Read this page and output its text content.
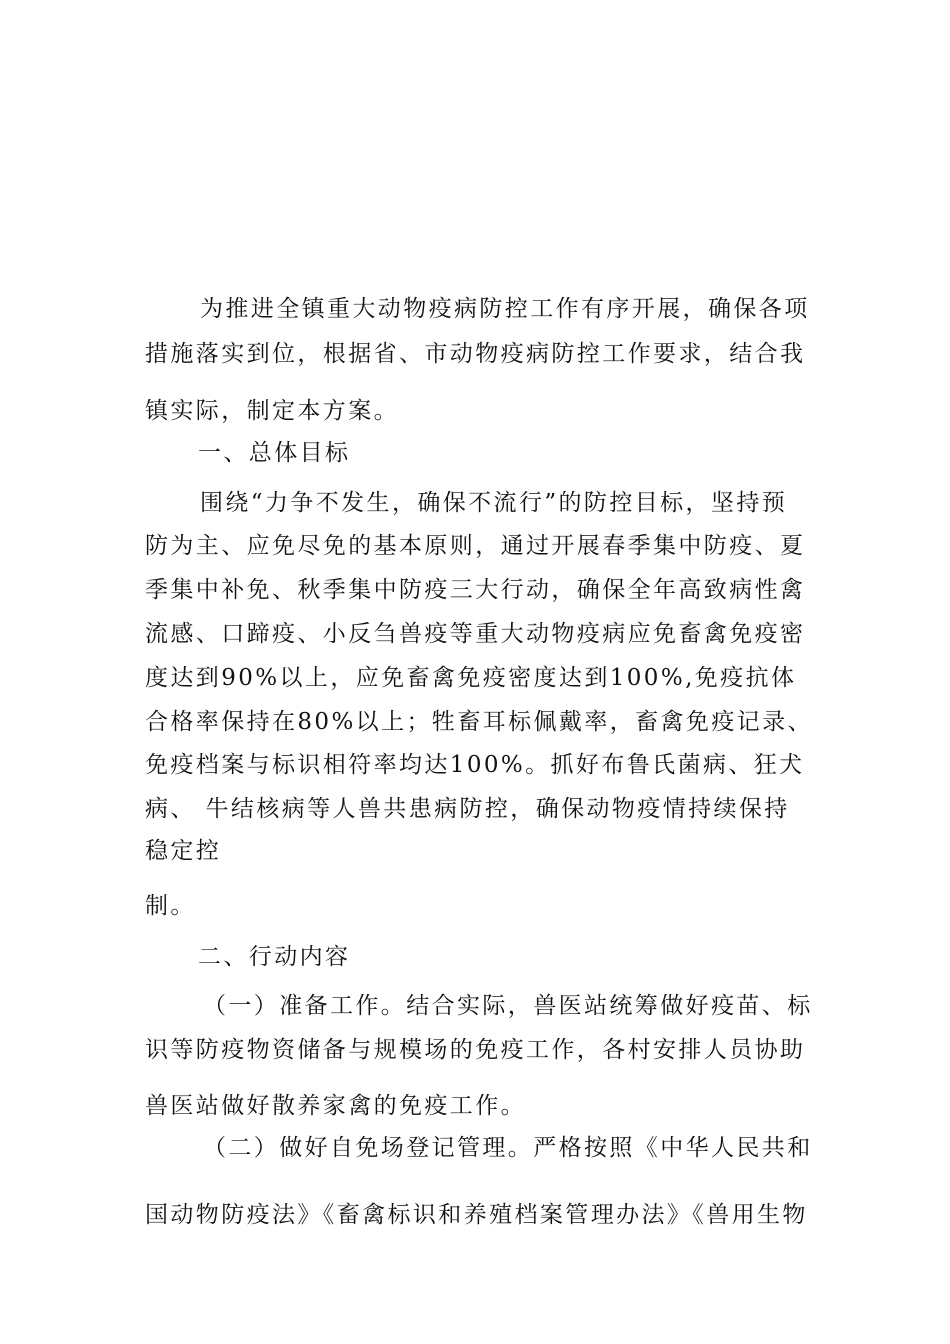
为推进全镇重大动物疫病防控工作有序开展，确保各项
措施落实到位，根据省、市动物疫病防控工作要求，结合我
镇实际，制定本方案。
一、总体目标
围绕“力争不发生，确保不流行”的防控目标，坚持预
防为主、应免尽免的基本原则，通过开展春季集中防疫、夏
季集中补免、秋季集中防疫三大行动，确保全年高致病性禽
流感、口蹄疫、小反刍兽疫等重大动物疫病应免畜禽免疫密
度达到90%以上，应免畜禽免疫密度达到100%,免疫抗体
合格率保持在80%以上；牲畜耳标佩戴率，畜禽免疫记录、
免疫档案与标识相符率均达100%。抓好布鲁氏菌病、狂犬
病、 牛结核病等人兽共患病防控，确保动物疫情持续保持
稳定控
制。
二、行动内容
（一）准备工作。结合实际，兽医站统筹做好疫苗、标
识等防疫物资储备与规模场的免疫工作，各村安排人员协助
兽医站做好散养家禽的免疫工作。
（二）做好自免场登记管理。严格按照《中华人民共和
国动物防疫法》《畜禽标识和养殖档案管理办法》《兽用生物
